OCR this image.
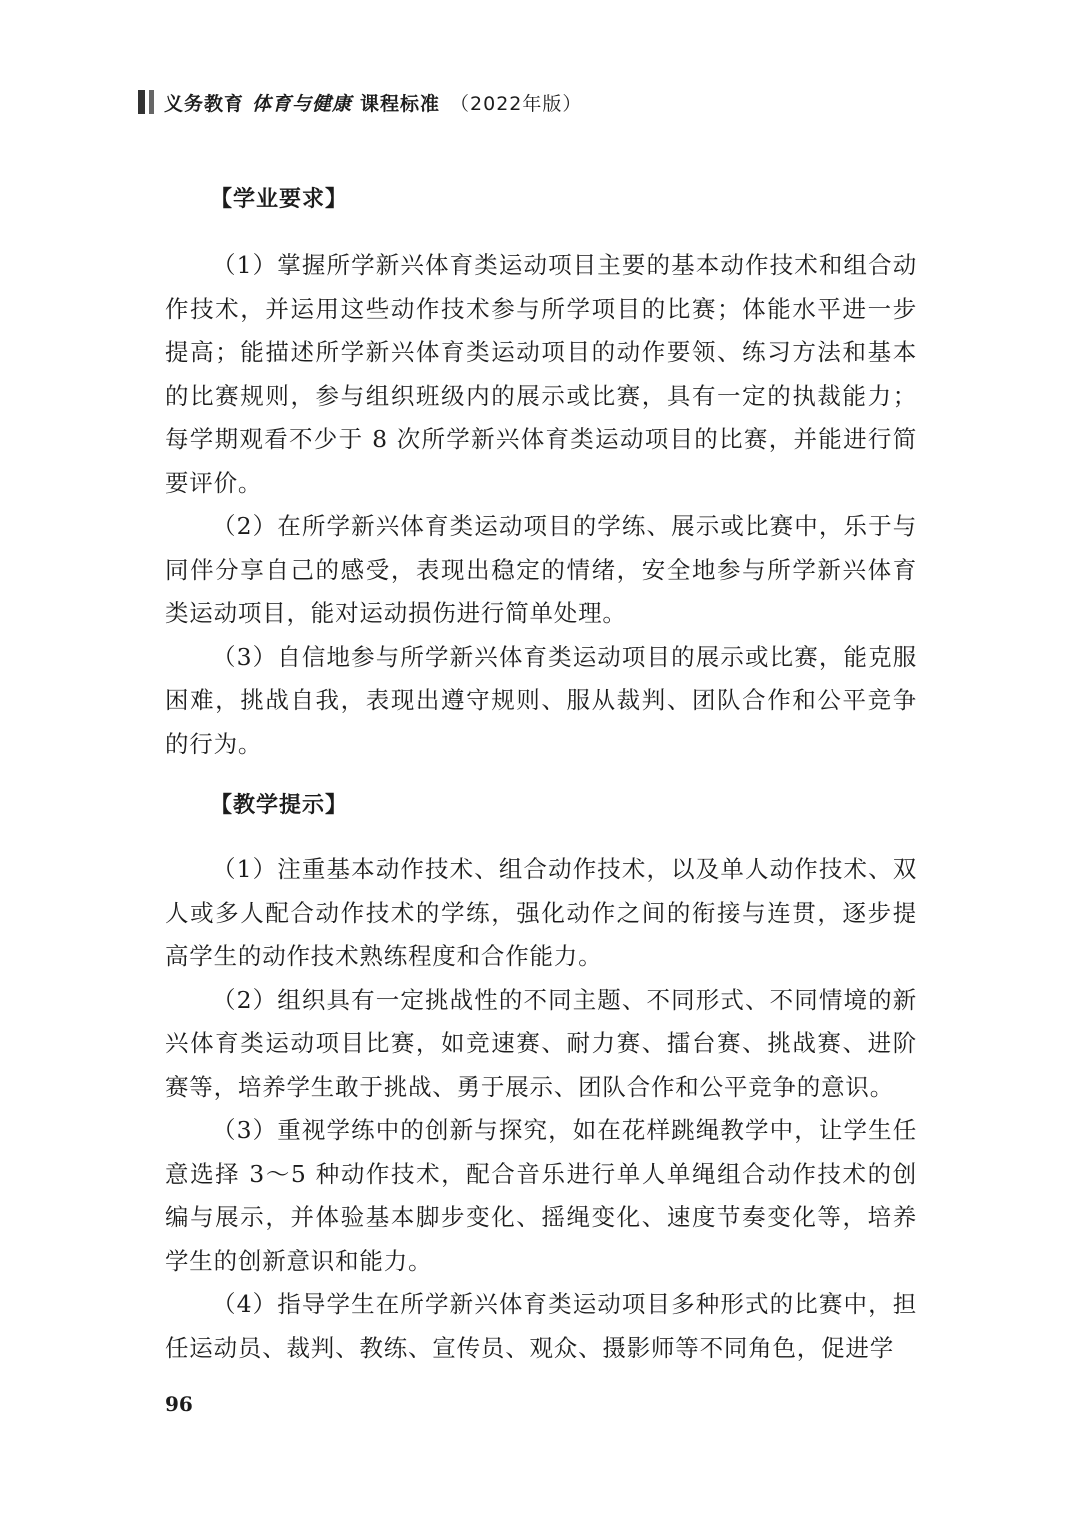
义务教育 体育与健康 课程标准 （2022年版）
【学业要求】

（1）掌握所学新兴体育类运动项目主要的基本动作技术和组合动作技术，并运用这些动作技术参与所学项目的比赛；体能水平进一步提高；能描述所学新兴体育类运动项目的动作要领、练习方法和基本的比赛规则，参与组织班级内的展示或比赛，具有一定的执裁能力；每学期观看不少于 8 次所学新兴体育类运动项目的比赛，并能进行简要评价。

（2）在所学新兴体育类运动项目的学练、展示或比赛中，乐于与同伴分享自己的感受，表现出稳定的情绪，安全地参与所学新兴体育类运动项目，能对运动损伤进行简单处理。

（3）自信地参与所学新兴体育类运动项目的展示或比赛，能克服困难，挑战自我，表现出遵守规则、服从裁判、团队合作和公平竞争的行为。

【教学提示】

（1）注重基本动作技术、组合动作技术，以及单人动作技术、双人或多人配合动作技术的学练，强化动作之间的衔接与连贯，逐步提高学生的动作技术熟练程度和合作能力。

（2）组织具有一定挑战性的不同主题、不同形式、不同情境的新兴体育类运动项目比赛，如竞速赛、耐力赛、擂台赛、挑战赛、进阶赛等，培养学生敢于挑战、勇于展示、团队合作和公平竞争的意识。

（3）重视学练中的创新与探究，如在花样跳绳教学中，让学生任意选择 3～5 种动作技术，配合音乐进行单人单绳组合动作技术的创编与展示，并体验基本脚步变化、摇绳变化、速度节奏变化等，培养学生的创新意识和能力。

（4）指导学生在所学新兴体育类运动项目多种形式的比赛中，担任运动员、裁判、教练、宣传员、观众、摄影师等不同角色，促进学

96
